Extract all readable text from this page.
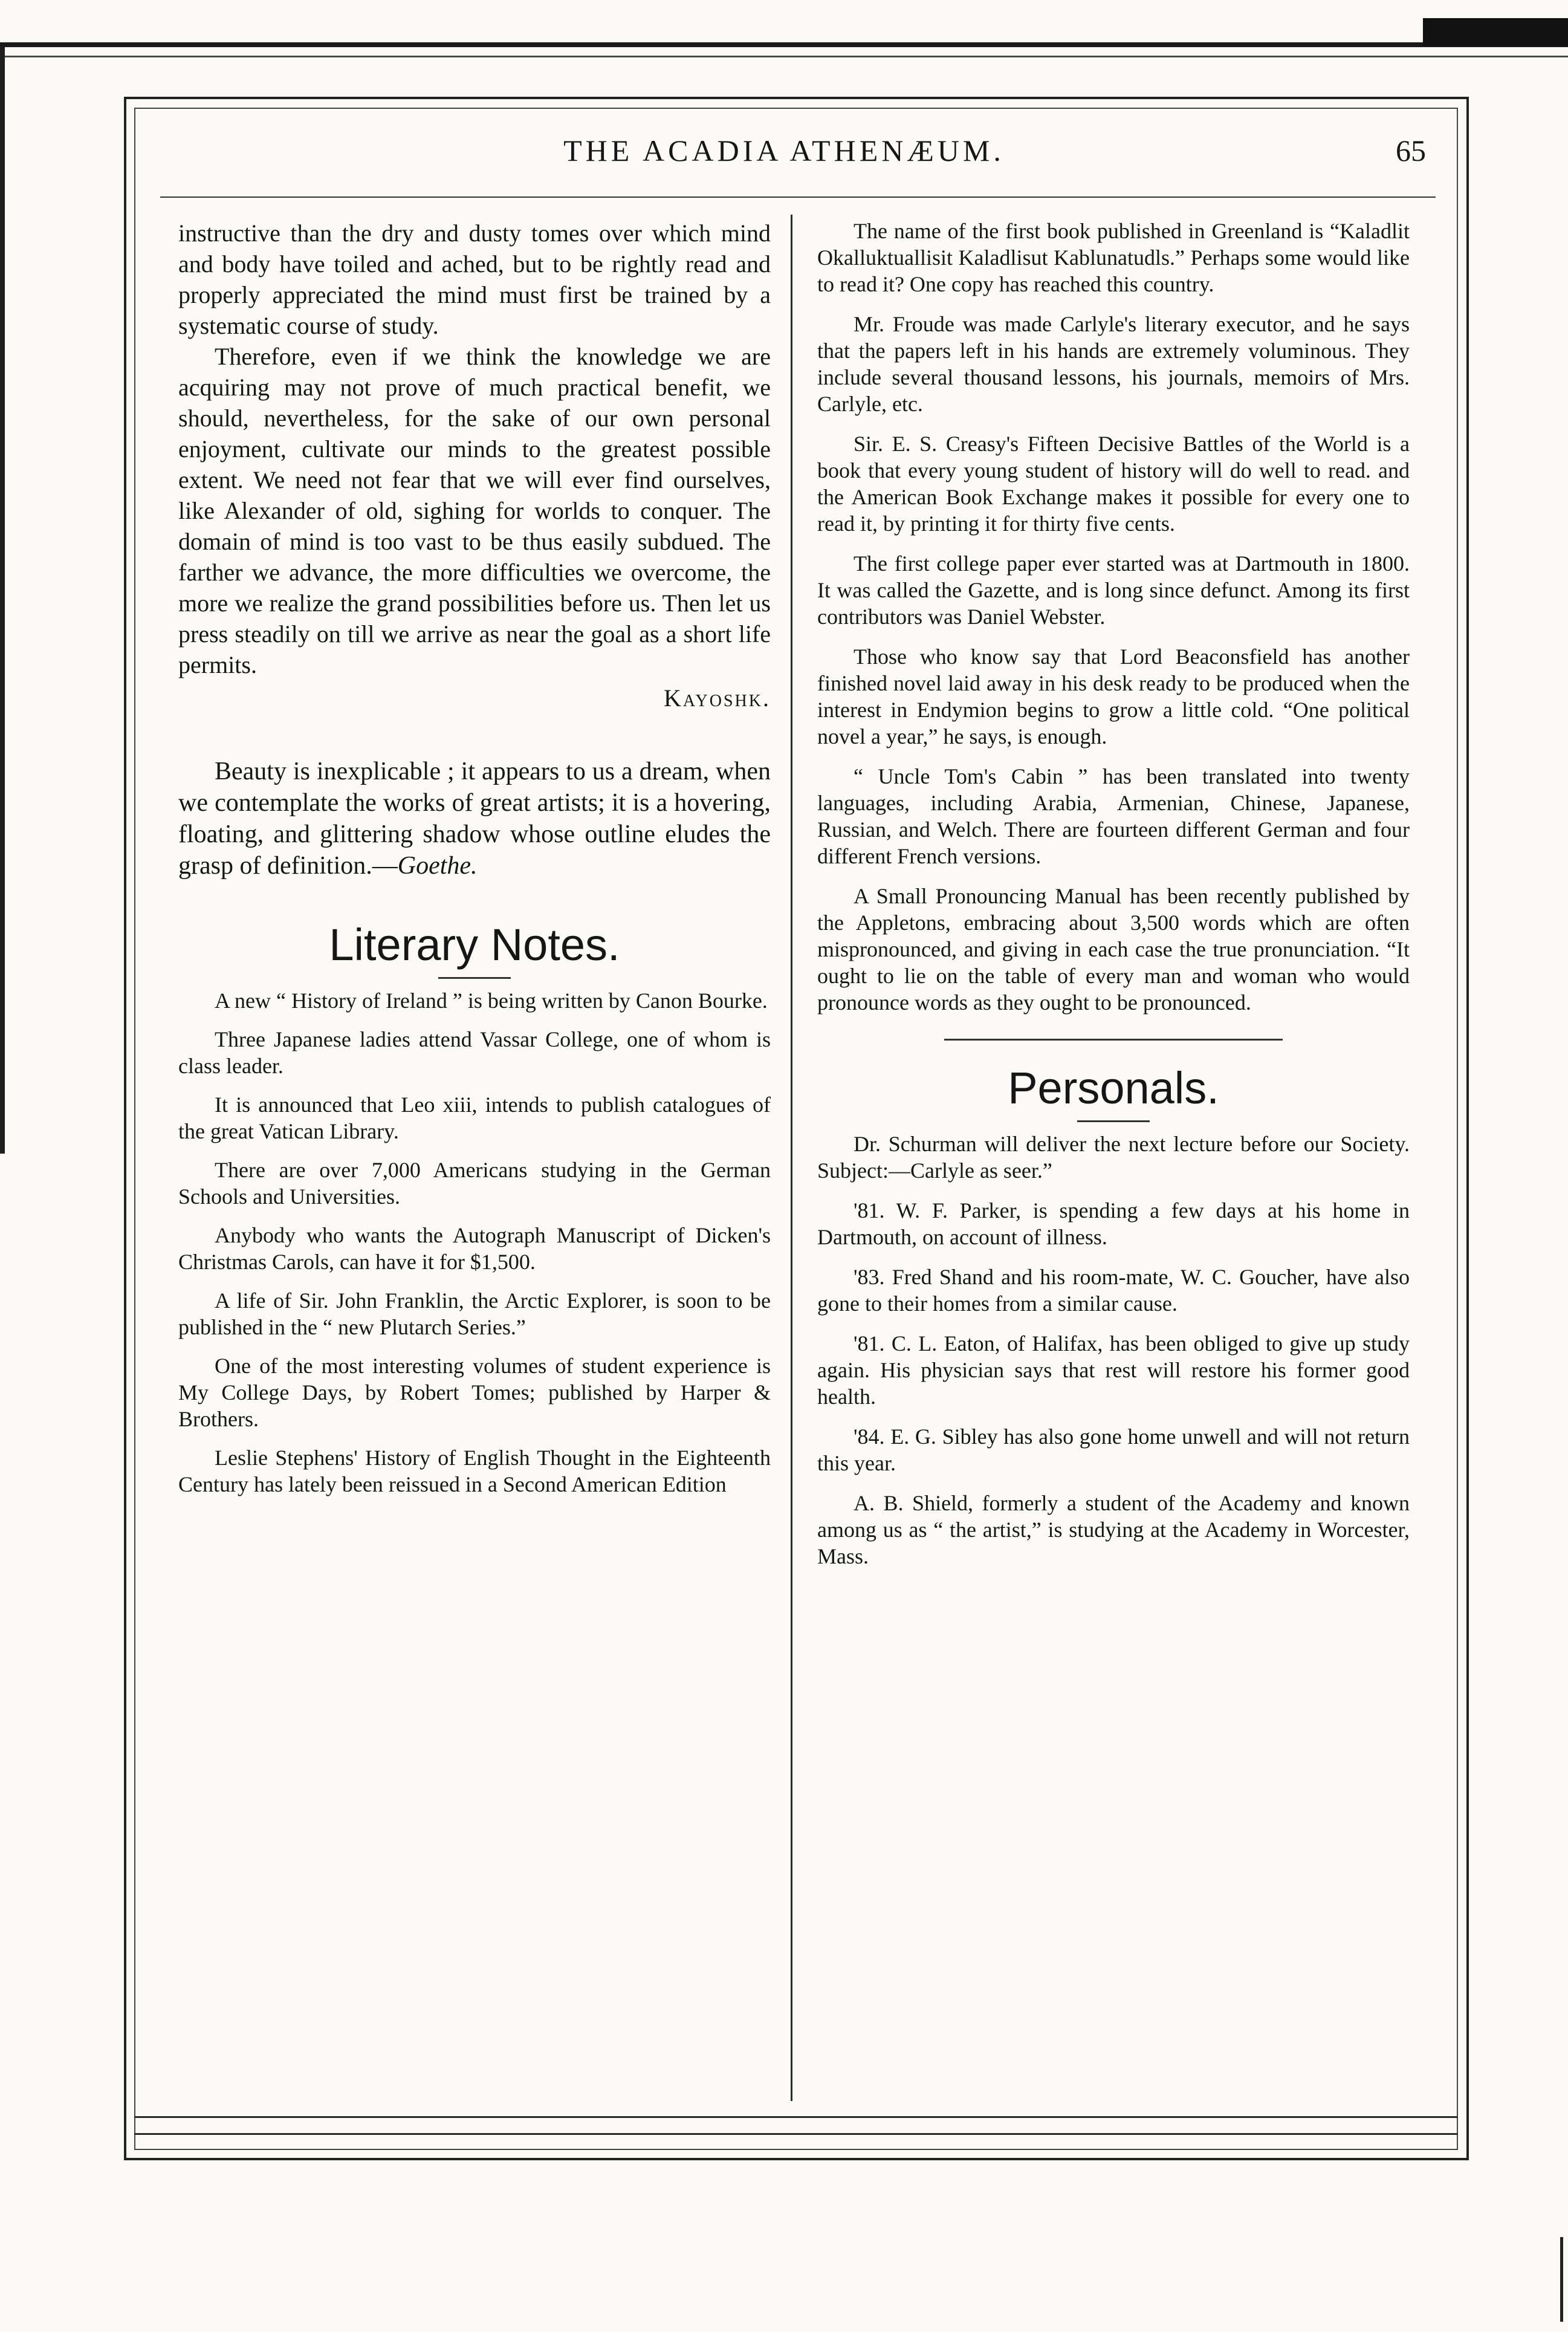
THE ACADIA ATHENÆUM.	65

instructive than the dry and dusty tomes over which mind and body have toiled and ached, but to be rightly read and properly appreciated the mind must first be trained by a systematic course of study.

Therefore, even if we think the knowledge we are acquiring may not prove of much practical benefit, we should, nevertheless, for the sake of our own personal enjoyment, cultivate our minds to the greatest possible extent. We need not fear that we will ever find ourselves, like Alexander of old, sighing for worlds to conquer. The domain of mind is too vast to be thus easily subdued. The farther we advance, the more difficulties we overcome, the more we realize the grand possibilities before us. Then let us press steadily on till we arrive as near the goal as a short life permits.

Kayoshk.

Beauty is inexplicable ; it appears to us a dream, when we contemplate the works of great artists; it is a hovering, floating, and glittering shadow whose outline eludes the grasp of definition.—Goethe.

Literary Notes.

A new “ History of Ireland ” is being written by Canon Bourke.

Three Japanese ladies attend Vassar College, one of whom is class leader.

It is announced that Leo xiii, intends to publish catalogues of the great Vatican Library.

There are over 7,000 Americans studying in the German Schools and Universities.

Anybody who wants the Autograph Manuscript of Dicken's Christmas Carols, can have it for $1,500.

A life of Sir. John Franklin, the Arctic Explorer, is soon to be published in the “ new Plutarch Series.”

One of the most interesting volumes of student experience is My College Days, by Robert Tomes; published by Harper & Brothers.

Leslie Stephens' History of English Thought in the Eighteenth Century has lately been reissued in a Second American Edition

The name of the first book published in Greenland is “Kaladlit Okalluktuallisit Kaladlisut Kablunatudls.” Perhaps some would like to read it? One copy has reached this country.

Mr. Froude was made Carlyle's literary executor, and he says that the papers left in his hands are extremely voluminous. They include several thousand lessons, his journals, memoirs of Mrs. Carlyle, etc.

Sir. E. S. Creasy's Fifteen Decisive Battles of the World is a book that every young student of history will do well to read. and the American Book Exchange makes it possible for every one to read it, by printing it for thirty five cents.

The first college paper ever started was at Dartmouth in 1800. It was called the Gazette, and is long since defunct. Among its first contributors was Daniel Webster.

Those who know say that Lord Beaconsfield has another finished novel laid away in his desk ready to be produced when the interest in Endymion begins to grow a little cold. “One political novel a year,” he says, is enough.

“ Uncle Tom's Cabin ” has been translated into twenty languages, including Arabia, Armenian, Chinese, Japanese, Russian, and Welch. There are fourteen different German and four different French versions.

A Small Pronouncing Manual has been recently published by the Appletons, embracing about 3,500 words which are often mispronounced, and giving in each case the true pronunciation. “It ought to lie on the table of every man and woman who would pronounce words as they ought to be pronounced.

Personals.

Dr. Schurman will deliver the next lecture before our Society. Subject:—Carlyle as seer.”

'81. W. F. Parker, is spending a few days at his home in Dartmouth, on account of illness.

'83. Fred Shand and his room-mate, W. C. Goucher, have also gone to their homes from a similar cause.

'81. C. L. Eaton, of Halifax, has been obliged to give up study again. His physician says that rest will restore his former good health.

'84. E. G. Sibley has also gone home unwell and will not return this year.

A. B. Shield, formerly a student of the Academy and known among us as “ the artist,” is studying at the Academy in Worcester, Mass.
